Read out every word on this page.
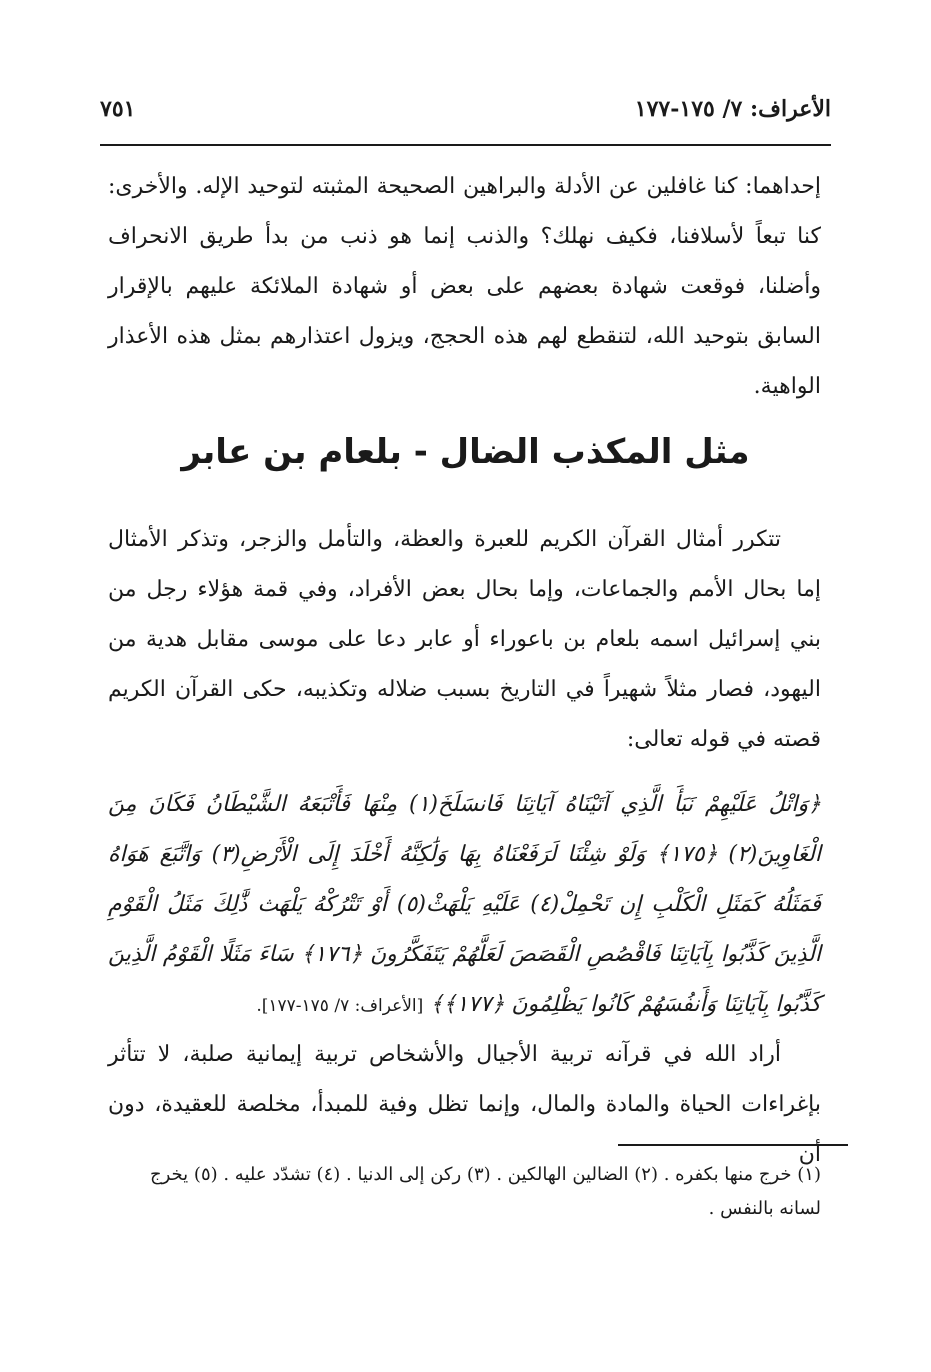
الأعراف: ٧/ ١٧٥-١٧٧
٧٥١

إحداهما: كنا غافلين عن الأدلة والبراهين الصحيحة المثبته لتوحيد الإله. والأخرى: كنا تبعاً لأسلافنا، فكيف نهلك؟ والذنب إنما هو ذنب من بدأ طريق الانحراف وأضلنا، فوقعت شهادة بعضهم على بعض أو شهادة الملائكة عليهم بالإقرار السابق بتوحيد الله، لتنقطع لهم هذه الحجج، ويزول اعتذارهم بمثل هذه الأعذار الواهية.

مثل المكذب الضال - بلعام بن عابر

تتكرر أمثال القرآن الكريم للعبرة والعظة، والتأمل والزجر، وتذكر الأمثال إما بحال الأمم والجماعات، وإما بحال بعض الأفراد، وفي قمة هؤلاء رجل من بني إسرائيل اسمه بلعام بن باعوراء أو عابر دعا على موسى مقابل هدية من اليهود، فصار مثلاً شهيراً في التاريخ بسبب ضلاله وتكذيبه، حكى القرآن الكريم قصته في قوله تعالى:

﴿وَاتْلُ عَلَيْهِمْ نَبَأَ الَّذِي آتَيْنَاهُ آيَاتِنَا فَانسَلَخَ(١) مِنْهَا فَأَتْبَعَهُ الشَّيْطَانُ فَكَانَ مِنَ الْغَاوِينَ(٢) ﴿١٧٥﴾ وَلَوْ شِئْنَا لَرَفَعْنَاهُ بِهَا وَلَٰكِنَّهُ أَخْلَدَ إِلَى الْأَرْضِ(٣) وَاتَّبَعَ هَوَاهُ فَمَثَلُهُ كَمَثَلِ الْكَلْبِ إِن تَحْمِلْ(٤) عَلَيْهِ يَلْهَثْ(٥) أَوْ تَتْرُكْهُ يَلْهَث ذَّٰلِكَ مَثَلُ الْقَوْمِ الَّذِينَ كَذَّبُوا بِآيَاتِنَا فَاقْصُصِ الْقَصَصَ لَعَلَّهُمْ يَتَفَكَّرُونَ ﴿١٧٦﴾ سَاءَ مَثَلًا الْقَوْمُ الَّذِينَ كَذَّبُوا بِآيَاتِنَا وَأَنفُسَهُمْ كَانُوا يَظْلِمُونَ ﴿١٧٧﴾﴾ [الأعراف: ٧/ ١٧٥-١٧٧].

أراد الله في قرآنه تربية الأجيال والأشخاص تربية إيمانية صلبة، لا تتأثر بإغراءات الحياة والمادة والمال، وإنما تظل وفية للمبدأ، مخلصة للعقيدة، دون أن

(١) خرج منها بكفره . (٢) الضالين الهالكين . (٣) ركن إلى الدنيا . (٤) تشدّد عليه . (٥) يخرج لسانه بالنفس .
